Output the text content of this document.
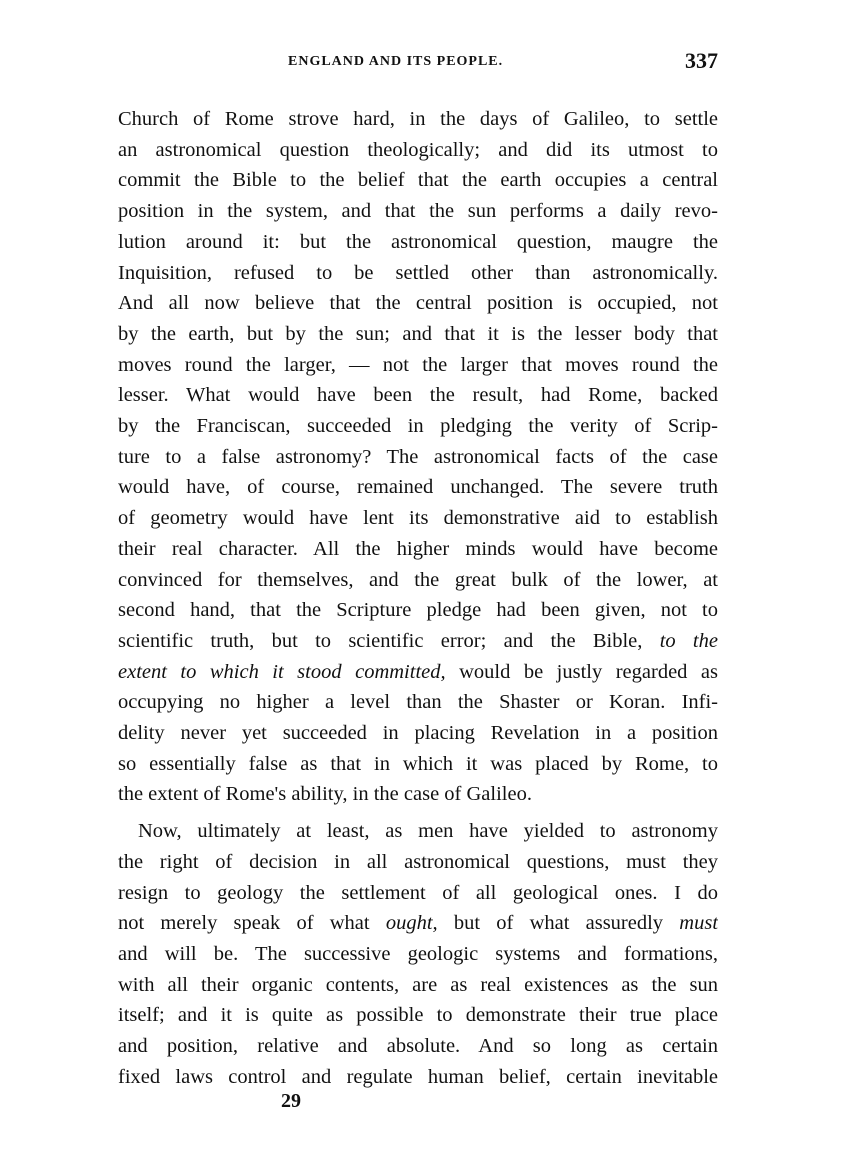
ENGLAND AND ITS PEOPLE.	337
Church of Rome strove hard, in the days of Galileo, to settle
an astronomical question theologically; and did its utmost to
commit the Bible to the belief that the earth occupies a central
position in the system, and that the sun performs a daily revo-
lution around it: but the astronomical question, maugre the
Inquisition, refused to be settled other than astronomically.
And all now believe that the central position is occupied, not
by the earth, but by the sun; and that it is the lesser body that
moves round the larger, — not the larger that moves round the
lesser. What would have been the result, had Rome, backed
by the Franciscan, succeeded in pledging the verity of Scrip-
ture to a false astronomy? The astronomical facts of the case
would have, of course, remained unchanged. The severe truth
of geometry would have lent its demonstrative aid to establish
their real character. All the higher minds would have become
convinced for themselves, and the great bulk of the lower, at
second hand, that the Scripture pledge had been given, not to
scientific truth, but to scientific error; and the Bible, to the
extent to which it stood committed, would be justly regarded as
occupying no higher a level than the Shaster or Koran. Infi-
delity never yet succeeded in placing Revelation in a position
so essentially false as that in which it was placed by Rome, to
the extent of Rome's ability, in the case of Galileo.
Now, ultimately at least, as men have yielded to astronomy
the right of decision in all astronomical questions, must they
resign to geology the settlement of all geological ones. I do
not merely speak of what ought, but of what assuredly must
and will be. The successive geologic systems and formations,
with all their organic contents, are as real existences as the sun
itself; and it is quite as possible to demonstrate their true place
and position, relative and absolute. And so long as certain
fixed laws control and regulate human belief, certain inevitable
29
